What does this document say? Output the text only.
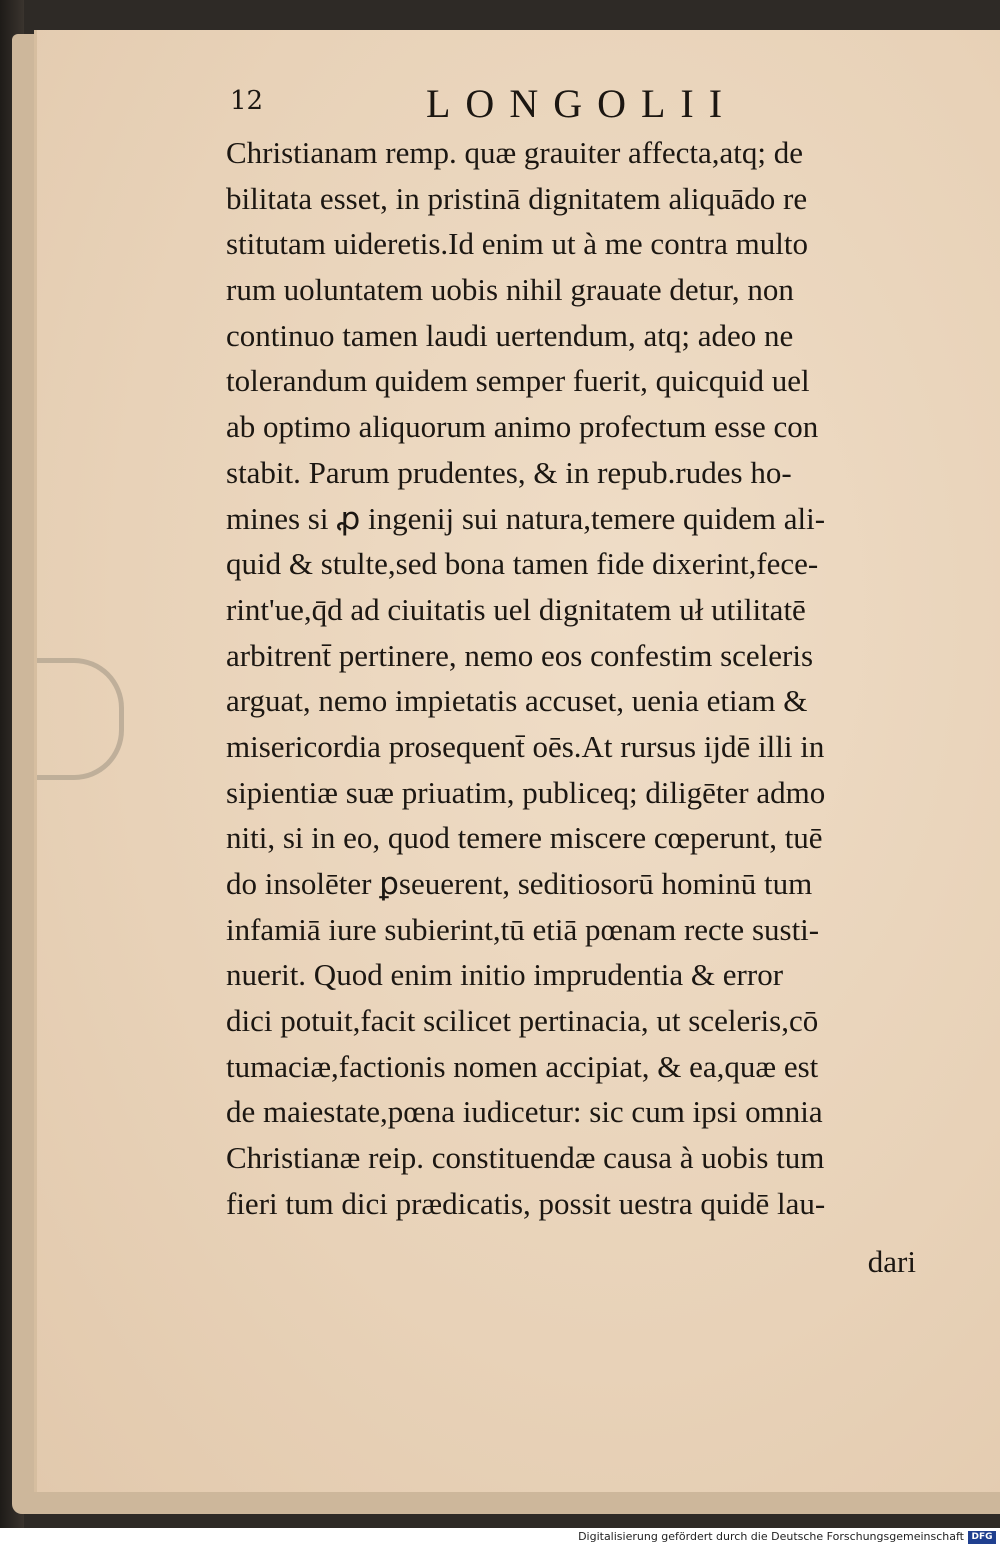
12	LONGOLII
Christianam remp. quæ grauiter affecta,atq; de
bilitata esset, in pristinā dignitatem aliquādo re
stitutam uideretis.Id enim ut à me contra multo
rum uoluntatem uobis nihil grauate detur, non
continuo tamen laudi uertendum, atq; adeo ne
tolerandum quidem semper fuerit, quicquid uel
ab optimo aliquorum animo profectum esse con
stabit. Parum prudentes, & in repub.rudes ho-
mines si ꝓ ingenij sui natura,temere quidem ali-
quid & stulte,sed bona tamen fide dixerint,fece-
rint'ue,q̄d ad ciuitatis uel dignitatem uł utilitatē
arbitrent̄ pertinere, nemo eos confestim sceleris
arguat, nemo impietatis accuset, uenia etiam &
misericordia prosequent̄ oēs.At rursus ijdē illi in
sipientiæ suæ priuatim, publiceq; diligēter admo
niti, si in eo, quod temere miscere cœperunt, tuē
do insolēter ꝑseuerent, seditiosorū hominū tum
infamiā iure subierint,tū etiā pœnam recte susti-
nuerit. Quod enim initio imprudentia & error
dici potuit,facit scilicet pertinacia, ut sceleris,cō
tumaciæ,factionis nomen accipiat, & ea,quæ est
de maiestate,pœna iudicetur: sic cum ipsi omnia
Christianæ reip. constituendæ causa à uobis tum
fieri tum dici prædicatis, possit uestra quidē lau-
dari
Digitalisierung gefördert durch die Deutsche Forschungsgemeinschaft DFG
